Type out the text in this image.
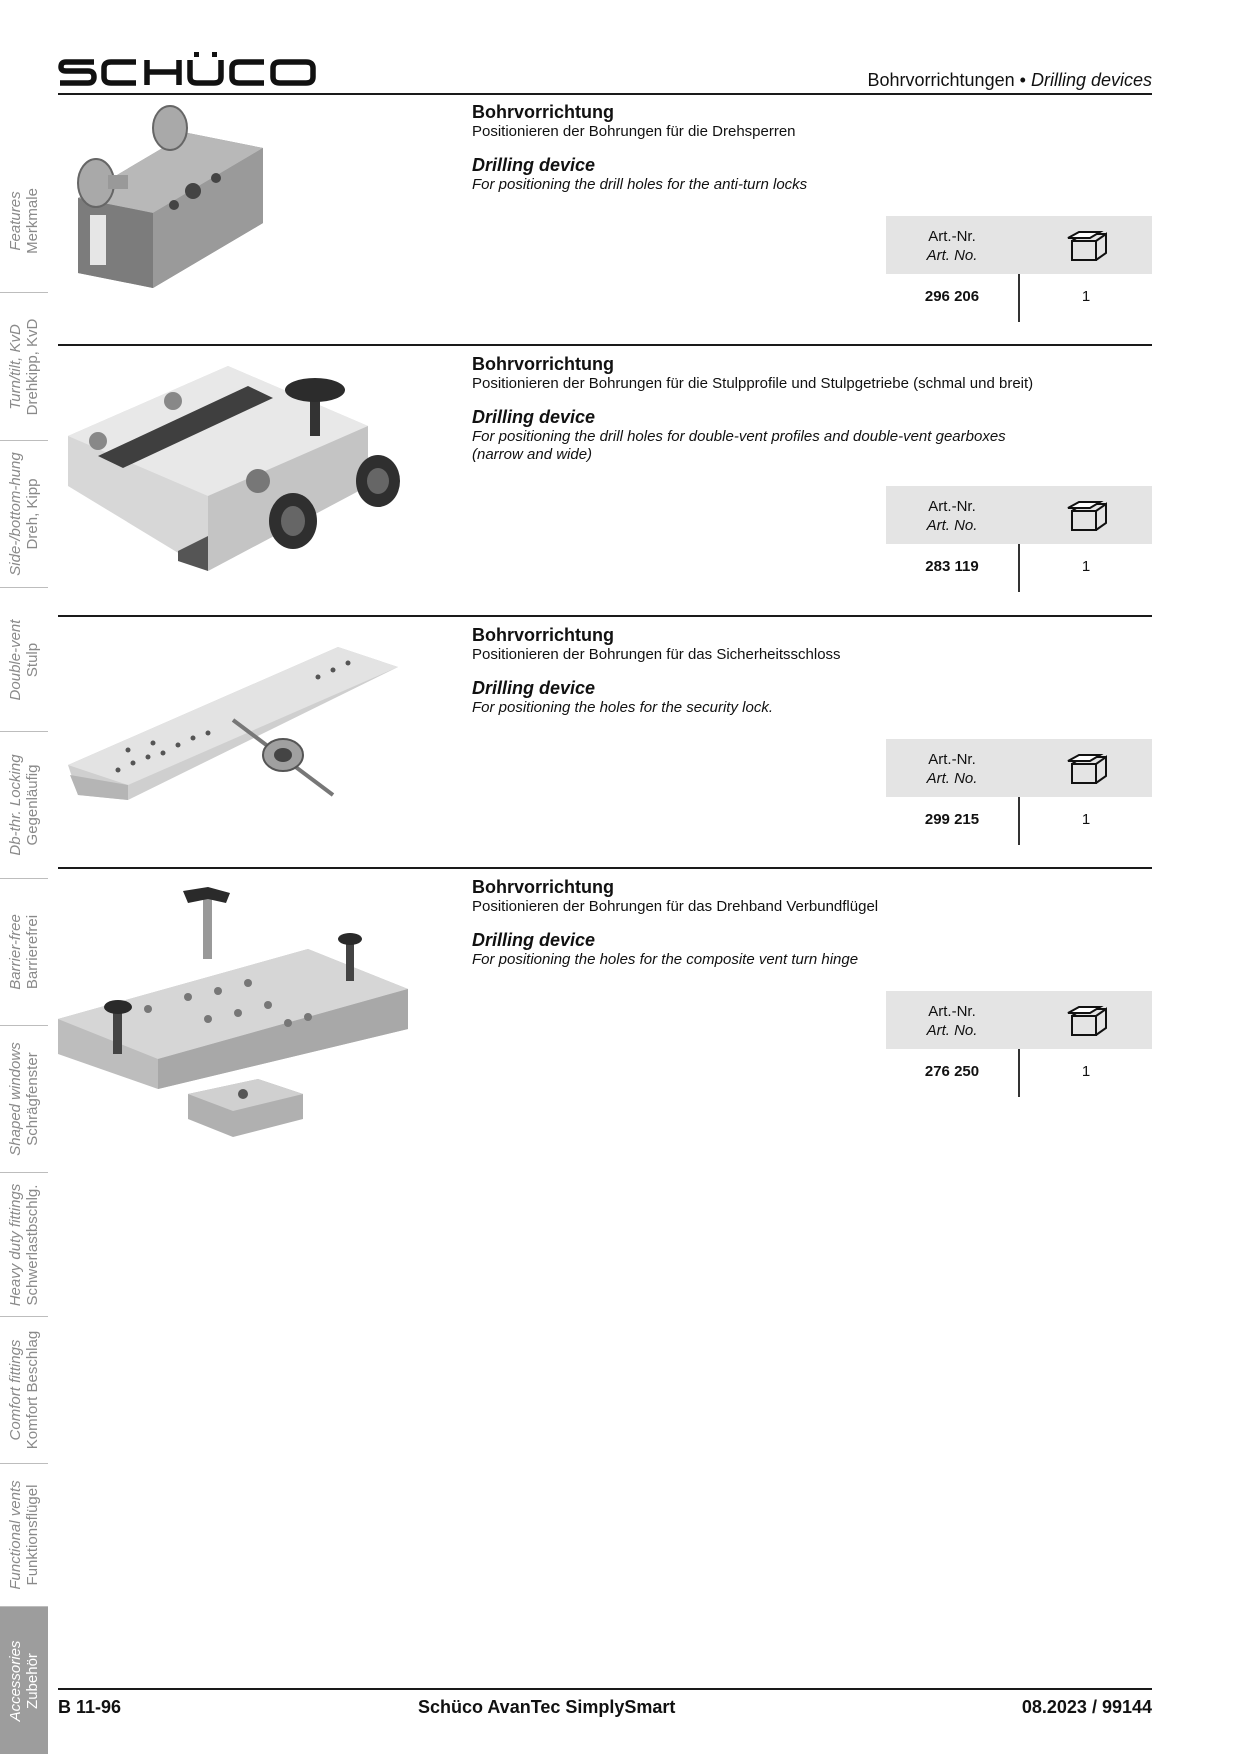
Features Merkmale
Turn/tilt, KvD Drehkipp, KvD
Side-/bottom-hung Dreh, Kipp
Double-vent Stulp
Db-thr. Locking Gegenläufig
Barrier-free Barrierefrei
Shaped windows Schrägfenster
Heavy duty fittings Schwerlastbschlg.
Comfort fittings Komfort Beschlag
Functional vents Funktionsflügel
Accessories Zubehör
Bohrvorrichtungen • Drilling devices
Bohrvorrichtung
Positionieren der Bohrungen für die Drehsperren
Drilling device
For positioning the drill holes for the anti-turn locks
Art.-Nr.
Art. No.
296 206	1
Bohrvorrichtung
Positionieren der Bohrungen für die Stulpprofile und Stulpgetriebe (schmal und breit)
Drilling device
For positioning the drill holes for double-vent profiles and double-vent gearboxes (narrow and wide)
Art.-Nr.
Art. No.
283 119	1
Bohrvorrichtung
Positionieren der Bohrungen für das Sicherheitsschloss
Drilling device
For positioning the holes for the security lock.
Art.-Nr.
Art. No.
299 215	1
Bohrvorrichtung
Positionieren der Bohrungen für das Drehband Verbundflügel
Drilling device
For positioning the holes for the composite vent turn hinge
Art.-Nr.
Art. No.
276 250	1
B 11-96	Schüco AvanTec SimplySmart	08.2023 / 99144
